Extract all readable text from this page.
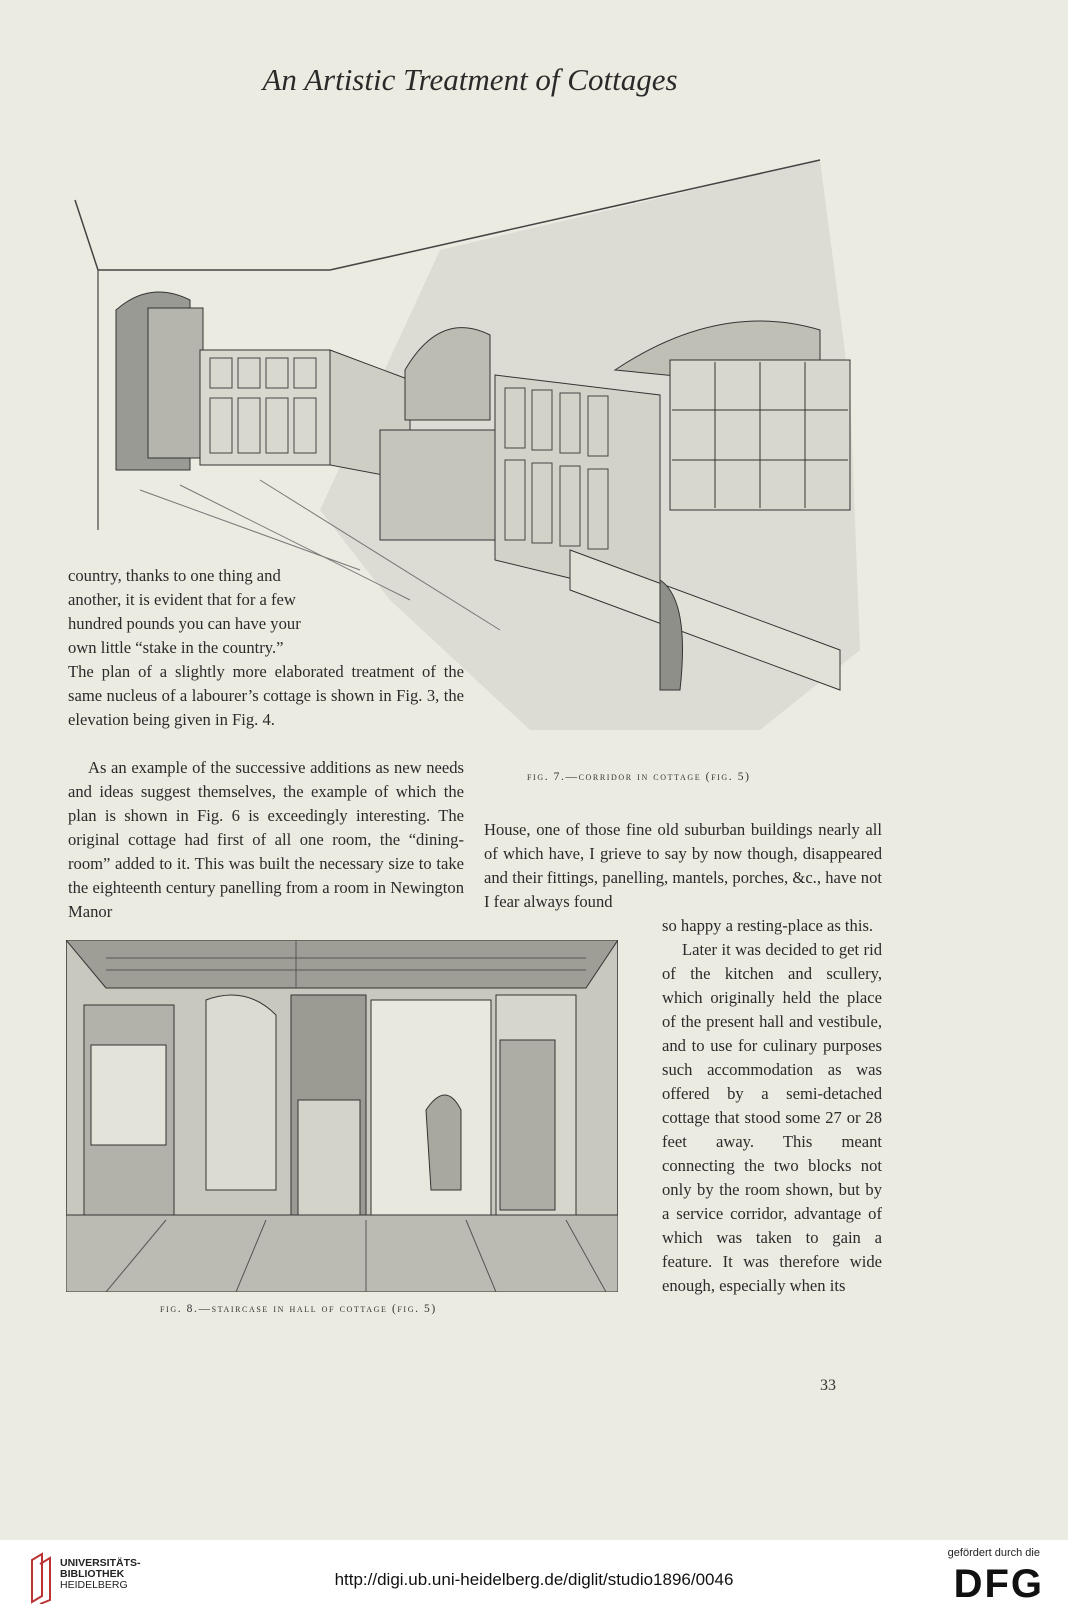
An Artistic Treatment of Cottages

country, thanks to one thing and

another, it is evident that for a few

hundred pounds you can have your

own little “stake in the country.”

The plan of a slightly more elaborated treatment of the same nucleus of a labourer’s cottage is shown in Fig. 3, the elevation being given in Fig. 4.

As an example of the successive additions as new needs and ideas suggest themselves, the example of which the plan is shown in Fig. 6 is exceedingly interesting. The original cottage had first of all one room, the “dining-room” added to it. This was built the necessary size to take the eighteenth century panelling from a room in Newington Manor

fig. 7.—corridor in cottage (fig. 5)

House, one of those fine old suburban buildings nearly all of which have, I grieve to say by now though, disappeared and their fittings, panelling, mantels, porches, &c., have not I fear always found

fig. 8.—staircase in hall of cottage (fig. 5)

so happy a resting-place as this.

Later it was decided to get rid of the kitchen and scullery, which originally held the place of the present hall and vestibule, and to use for culinary purposes such accommodation as was offered by a semi-detached cottage that stood some 27 or 28 feet away. This meant connecting the two blocks not only by the room shown, but by a service corridor, advantage of which was taken to gain a feature. It was therefore wide enough, especially when its

33
UNIVERSITÄTS-
BIBLIOTHEK
HEIDELBERG	http://digi.ub.uni-heidelberg.de/diglit/studio1896/0046
gefördert durch die
DFG
